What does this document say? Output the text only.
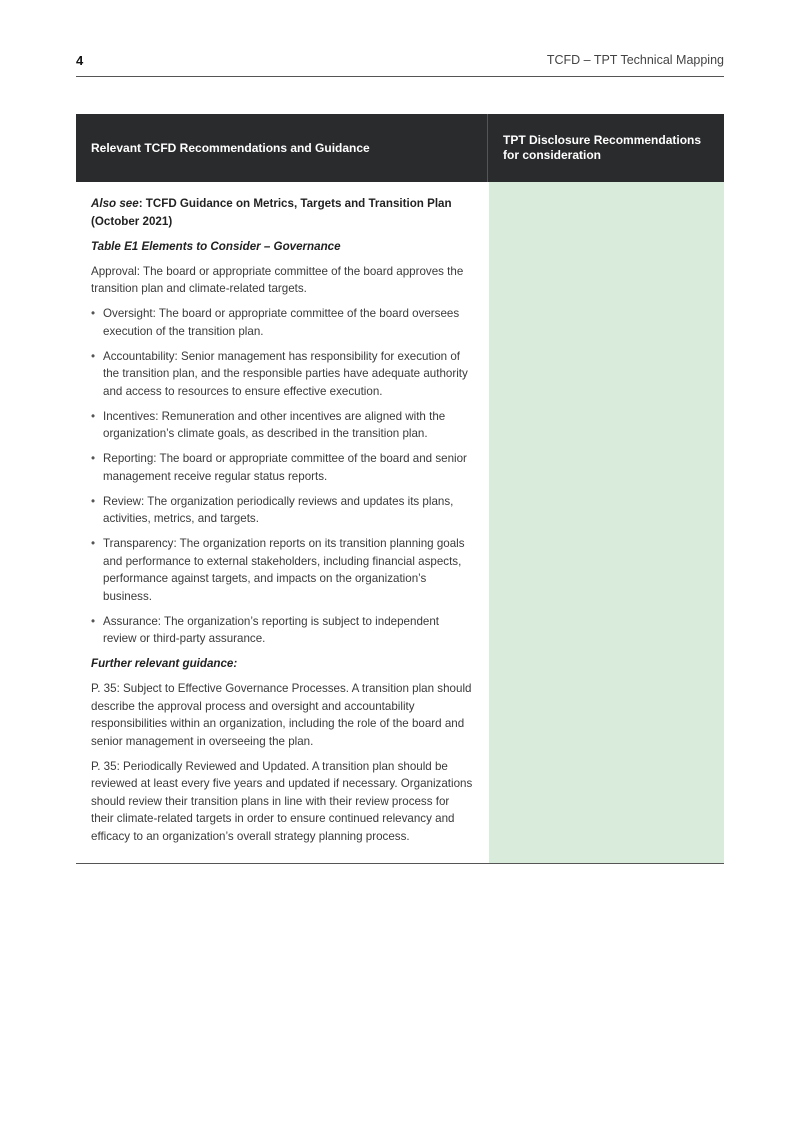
4	TCFD – TPT Technical Mapping
Relevant TCFD Recommendations and Guidance
TPT Disclosure Recommendations for consideration

Also see: TCFD Guidance on Metrics, Targets and Transition Plan (October 2021)

Table E1 Elements to Consider – Governance

Approval: The board or appropriate committee of the board approves the transition plan and climate-related targets.

• Oversight: The board or appropriate committee of the board oversees execution of the transition plan.
• Accountability: Senior management has responsibility for execution of the transition plan, and the responsible parties have adequate authority and access to resources to ensure effective execution.
• Incentives: Remuneration and other incentives are aligned with the organization’s climate goals, as described in the transition plan.
• Reporting: The board or appropriate committee of the board and senior management receive regular status reports.
• Review: The organization periodically reviews and updates its plans, activities, metrics, and targets.
• Transparency: The organization reports on its transition planning goals and performance to external stakeholders, including financial aspects, performance against targets, and impacts on the organization’s business.
• Assurance: The organization’s reporting is subject to independent review or third-party assurance.

Further relevant guidance:

P. 35: Subject to Effective Governance Processes. A transition plan should describe the approval process and oversight and accountability responsibilities within an organization, including the role of the board and senior management in overseeing the plan.

P. 35: Periodically Reviewed and Updated. A transition plan should be reviewed at least every five years and updated if necessary. Organizations should review their transition plans in line with their review process for their climate-related targets in order to ensure continued relevancy and efficacy to an organization’s overall strategy planning process.
